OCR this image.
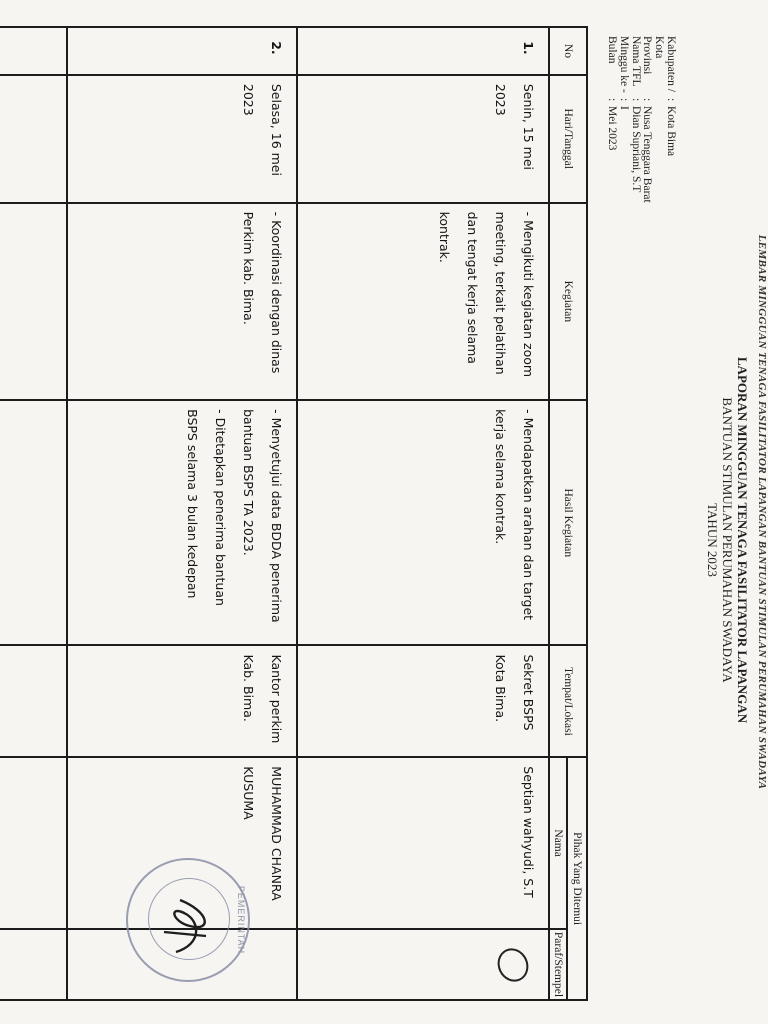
LEMBAR MINGGUAN TENAGA FASILITATOR LAPANGAN BANTUAN STIMULAN PERUMAHAN SWADAYA
LAPORAN MINGGUAN TENAGA FASILITATOR LAPANGAN
BANTUAN STIMULAN PERUMAHAN SWADAYA
TAHUN 2023
Kabupaten / Kota
:
Kota Bima
Provinsi
:
Nusa Tenggara Barat
Nama TFL
:
Dian Supriani, S.T
Minggu ke -
:
I
Bulan
:
Mei 2023
No	Hari/Tanggal	Kegiatan	Hasil Kegiatan	Tempat/Lokasi	Pihak Yang Ditemui	
					Nama	Paraf/Stempel

1.	Senin, 15 mei 2023	- Mengikuti kegiatan zoom meeting, terkait pelatihan dan tengat kerja selama kontrak.	- Mendapatkan arahan dan target kerja selama kontrak.	Sekret BSPS Kota Bima.	Septian wahyudi, S.T	

2.	Selasa, 16 mei 2023	- Koordinasi dengan dinas Perkim kab. Bima.	- Menyetujui data BDDA penerima bantuan BSPS TA 2023.
- Ditetapkan penerima bantuan BSPS selama 3 bulan kedepan	Kantor perkim Kab. Bima.	MUHAMMAD CHANRA KUSUMA	

PEMERINTAH
